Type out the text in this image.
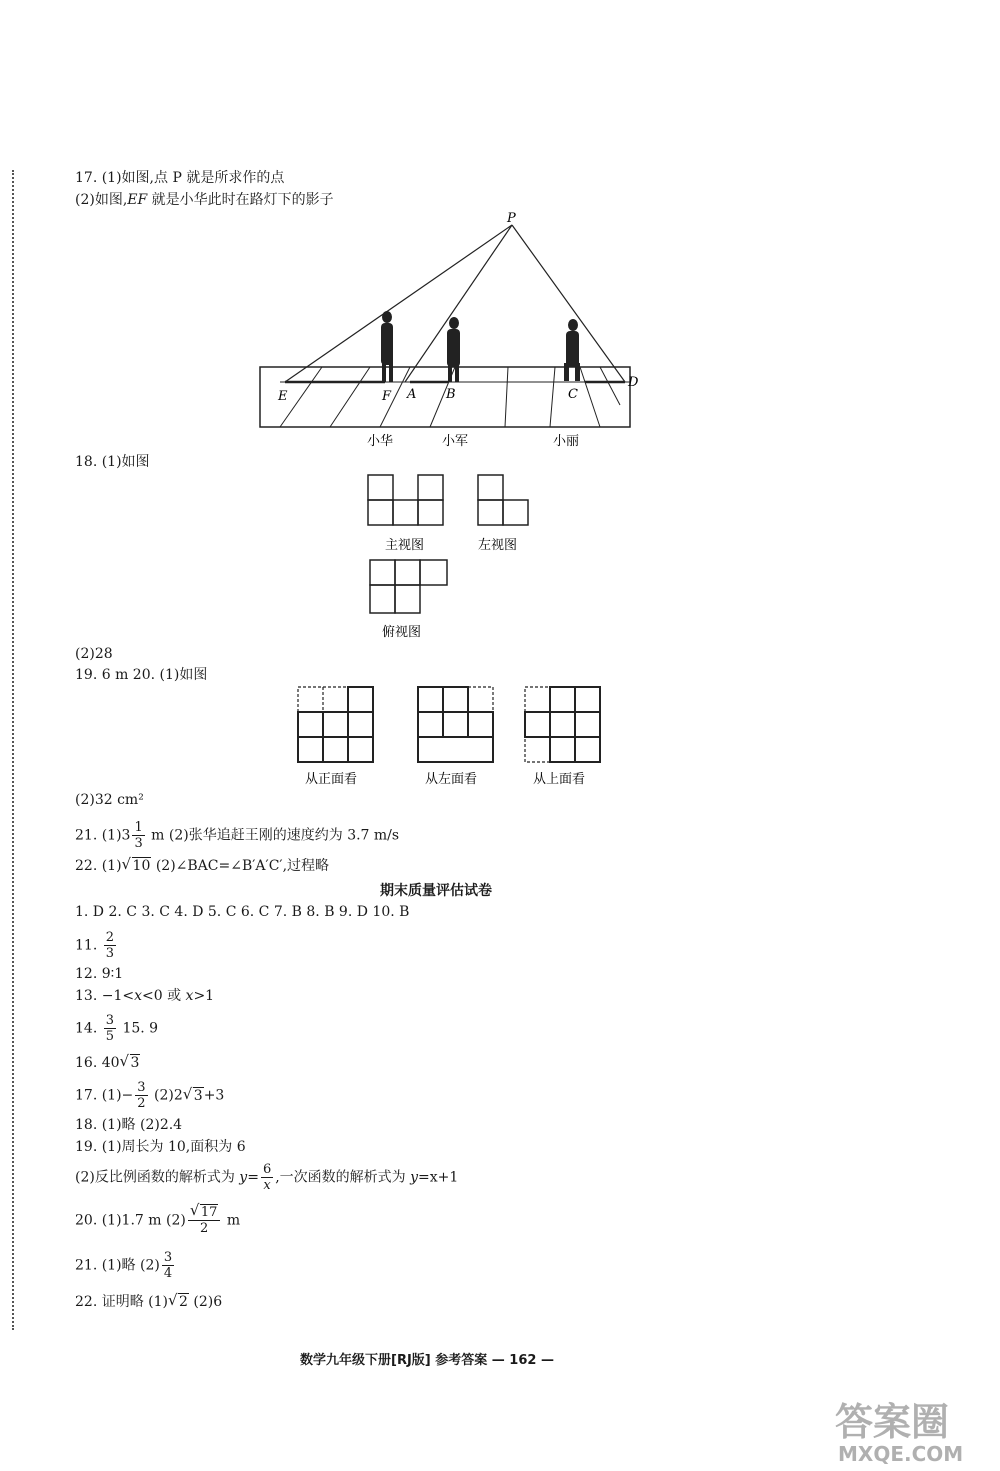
17. (1)如图,点 P 就是所求作的点
(2)如图,EF 就是小华此时在路灯下的影子
P
E	F A B	C
D
小华	小军	小丽
18. (1)如图
主视图	左视图
俯视图
(2)28
19. 6 m 20. (1)如图
从正面看	从左面看	从上面看
(2)32 cm²
21. $(1)3 \frac{1}{3}$ m (2)张华追赶王刚的速度约为 3.7 m/s
22. (1) √ 10 (2)∠BAC=∠B′A′C′,过程略
期末质量评估试卷
1. D 2. C 3. C 4. D 5. C 6. C 7. B 8. B 9. D 10. B
11. $\frac{2}{3}$
12. 9∶1
13. −1<x<0 或 x>1
14. $\frac{3}{5} 15$. 9
16. 40 √ 3
17. $(1)- \frac{3}{2} (2)2$ √ 3+3
18. (1)略 (2)2.4
19. (1)周长为 10,面积为 6
(2)反比例函数的解析式为 $y= \frac{6}{x}$ ,一次函数的解析式为 y=x+1
20. (1)1.7 m $(2) \frac{√ 17}{2}$ m
21. (1)略 $(2) \frac{3}{4}$
22. 证明略 (1) √ 2 (2)6
数学九年级下册[RJ版] 参考答案 — 162 —
答案圈
MXQE.COM
